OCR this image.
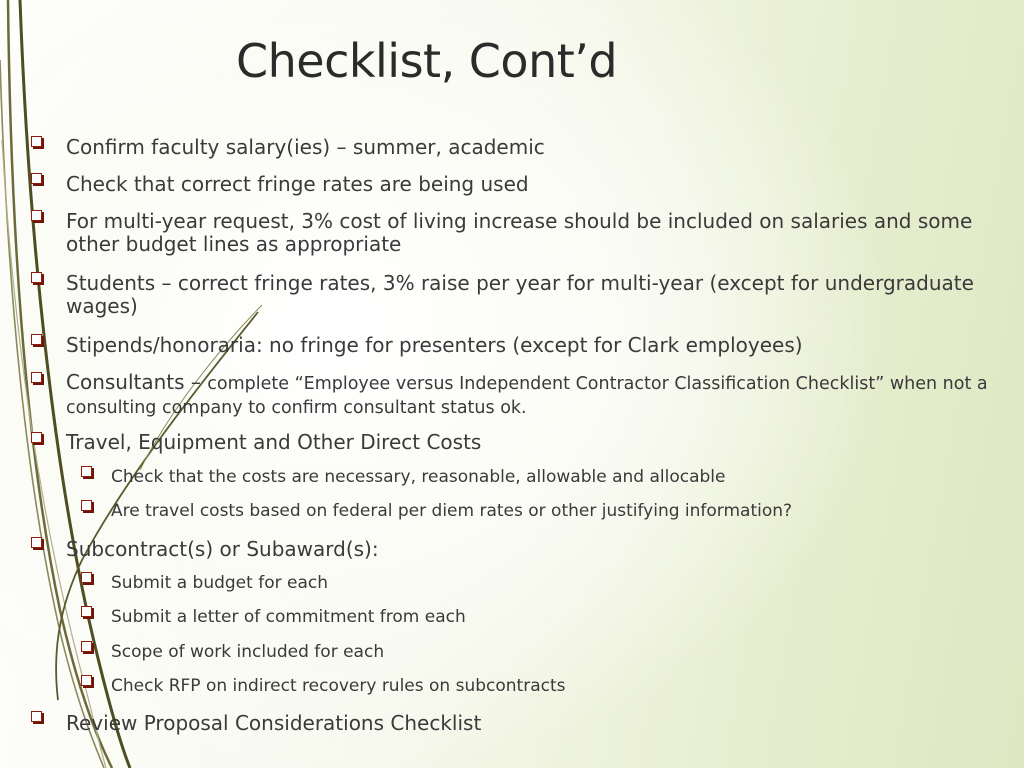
Checklist, Cont’d
Confirm faculty salary(ies) – summer, academic
Check that correct fringe rates are being used
For multi-year request, 3% cost of living increase should be included on salaries and some other budget lines as appropriate
Students – correct fringe rates, 3% raise per year for multi-year (except for undergraduate wages)
Stipends/honoraria: no fringe for presenters (except for Clark employees)
Consultants – complete “Employee versus Independent Contractor Classification Checklist” when not a consulting company to confirm consultant status ok.
Travel, Equipment and Other Direct Costs
Check that the costs are necessary, reasonable, allowable and allocable
Are travel costs based on federal per diem rates or other justifying information?
Subcontract(s) or Subaward(s):
Submit a budget for each
Submit a letter of commitment from each
Scope of work included for each
Check RFP on indirect recovery rules on subcontracts
Review Proposal Considerations Checklist
